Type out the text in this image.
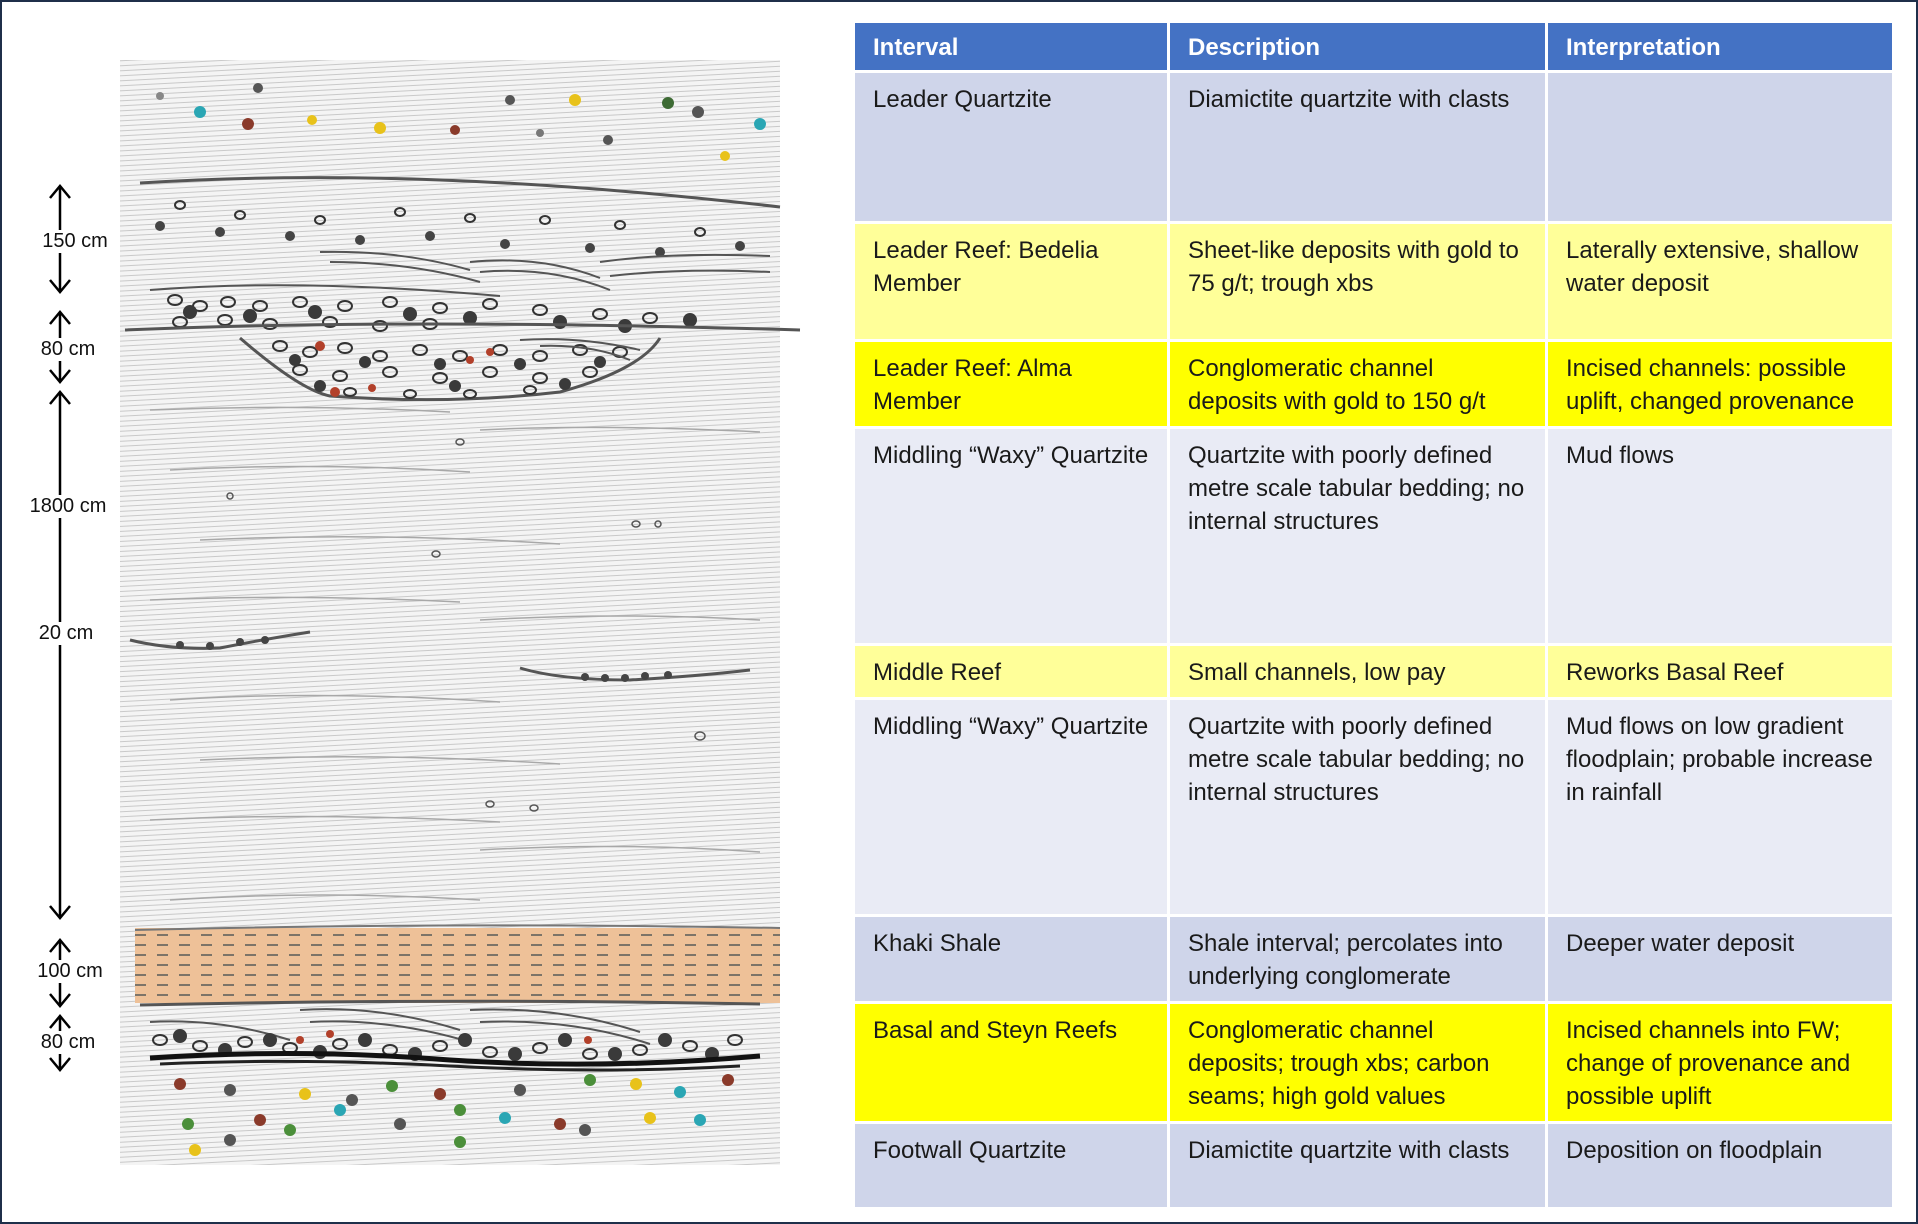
150 cm
80 cm
1800 cm
20 cm
100 cm
80 cm
Interval	Description	Interpretation
Leader Quartzite	Diamictite quartzite with clasts	
Leader Reef: Bedelia Member	Sheet-like deposits with gold to 75 g/t; trough xbs	Laterally extensive, shallow water deposit
Leader Reef: Alma Member	Conglomeratic channel deposits with gold to 150 g/t	Incised channels: possible uplift, changed provenance
Middling “Waxy” Quartzite	Quartzite with poorly defined metre scale tabular bedding; no internal structures	Mud flows
Middle Reef	Small channels, low pay	Reworks Basal Reef
Middling “Waxy” Quartzite	Quartzite with poorly defined metre scale tabular bedding; no internal structures	Mud flows on low gradient floodplain; probable increase in rainfall
Khaki Shale	Shale interval; percolates into underlying conglomerate	Deeper water deposit
Basal and Steyn Reefs	Conglomeratic channel deposits; trough xbs; carbon seams; high gold values	Incised channels into FW; change of provenance and possible uplift
Footwall Quartzite	Diamictite quartzite with clasts	Deposition on floodplain
